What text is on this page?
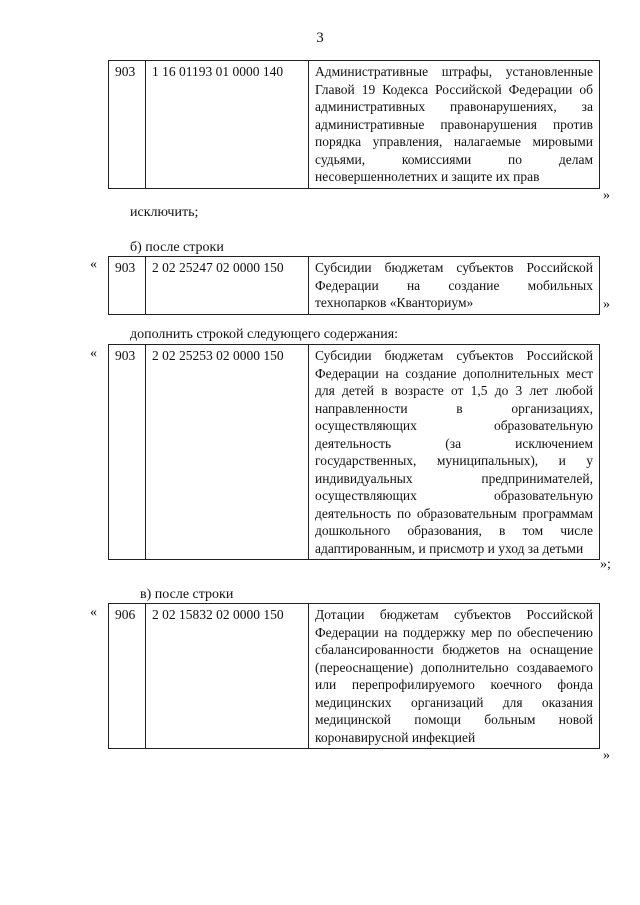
3
903	1 16 01193 01 0000 140	Административные штрафы, установленные Главой 19 Кодекса Российской Федерации об административных правонарушениях, за административные правонарушения против порядка управления, налагаемые мировыми судьями, комиссиями по делам несовершеннолетних и защите их прав
»
исключить;
б) после строки
« 903	2 02 25247 02 0000 150	Субсидии бюджетам субъектов Российской Федерации на создание мобильных технопарков «Кванториум»	»
дополнить строкой следующего содержания:
« 903	2 02 25253 02 0000 150	Субсидии бюджетам субъектов Российской Федерации на создание дополнительных мест для детей в возрасте от 1,5 до 3 лет любой направленности в организациях, осуществляющих образовательную деятельность (за исключением государственных, муниципальных), и у индивидуальных предпринимателей, осуществляющих образовательную деятельность по образовательным программам дошкольного образования, в том числе адаптированным, и присмотр и уход за детьми
»;
в) после строки
« 906	2 02 15832 02 0000 150	Дотации бюджетам субъектов Российской Федерации на поддержку мер по обеспечению сбалансированности бюджетов на оснащение (переоснащение) дополнительно создаваемого или перепрофилируемого коечного фонда медицинских организаций для оказания медицинской помощи больным новой коронавирусной инфекцией
»
